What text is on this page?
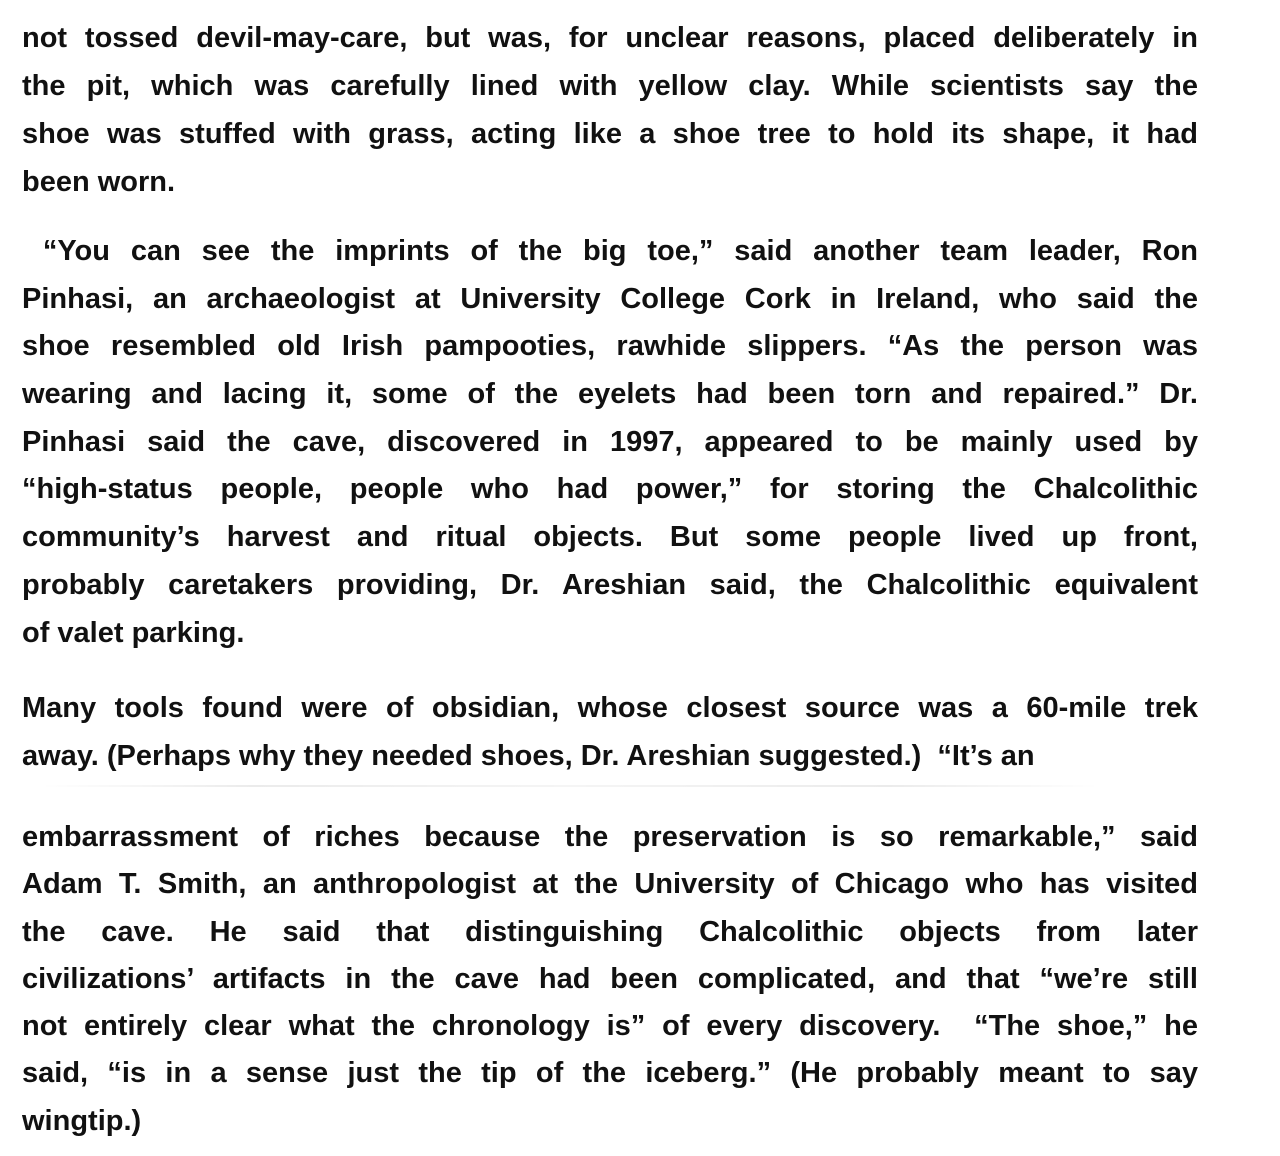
not tossed devil-may-care, but was, for unclear reasons, placed deliberately in
the pit, which was carefully lined with yellow clay. While scientists say the
shoe was stuffed with grass, acting like a shoe tree to hold its shape, it had
been worn.

“You can see the imprints of the big toe,” said another team leader, Ron
Pinhasi, an archaeologist at University College Cork in Ireland, who said the
shoe resembled old Irish pampooties, rawhide slippers. “As the person was
wearing and lacing it, some of the eyelets had been torn and repaired.” Dr.
Pinhasi said the cave, discovered in 1997, appeared to be mainly used by
“high-status people, people who had power,” for storing the Chalcolithic
community’s harvest and ritual objects. But some people lived up front,
probably caretakers providing, Dr. Areshian said, the Chalcolithic equivalent
of valet parking.

Many tools found were of obsidian, whose closest source was a 60-mile trek
away. (Perhaps why they needed shoes, Dr. Areshian suggested.)  “It’s an

embarrassment of riches because the preservation is so remarkable,” said
Adam T. Smith, an anthropologist at the University of Chicago who has visited
the cave. He said that distinguishing Chalcolithic objects from later
civilizations’ artifacts in the cave had been complicated, and that “we’re still
not entirely clear what the chronology is” of every discovery.  “The shoe,” he
said, “is in a sense just the tip of the iceberg.” (He probably meant to say
wingtip.)
